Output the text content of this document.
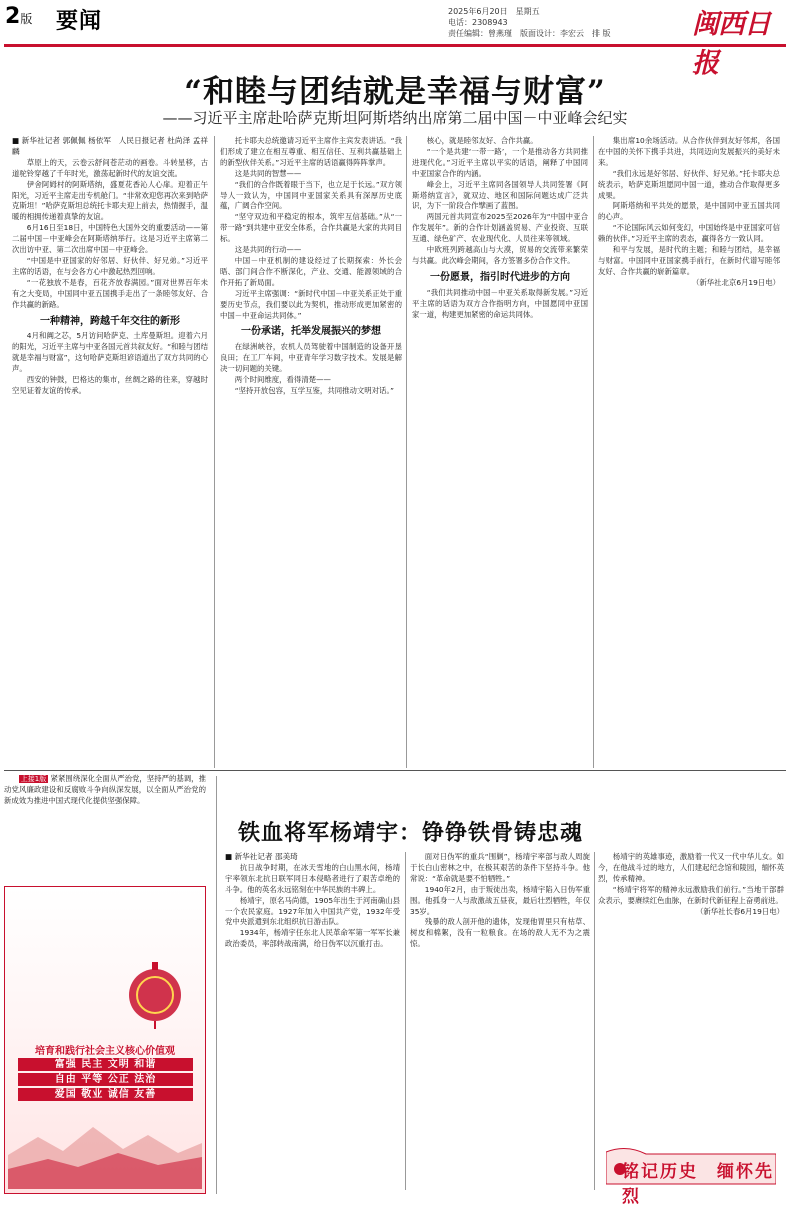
2版 要闻	2025年6月20日　星期五
电话：2308943
责任编辑：曾燕瑾　版面设计：李宏云　排 版	闽西日报
“和睦与团结就是幸福与财富”
——习近平主席赴哈萨克斯坦阿斯塔纳出席第二届中国－中亚峰会纪实

■ 新华社记者 郭佩佩 杨依军　人民日报记者 杜尚泽 孟祥麟

草原上的天，云卷云舒间苍茫动的画卷。斗转星移，古道驼铃穿越了千年时光，激荡起新时代的友谊交流。

伊舍阿姆村的阿斯塔纳，盛夏花香沁人心扉。迎着正午阳光，习近平主席走出专机舱门。“非常欢迎您再次来到哈萨克斯坦！”哈萨克斯坦总统托卡耶夫迎上前去，热情握手，温暖的相拥传递着真挚的友谊。

6月16日至18日，中国特色大国外交的重要活动——第二届中国－中亚峰会在阿斯塔纳举行。这是习近平主席第二次出访中亚、第二次出席中国－中亚峰会。

“中国是中亚国家的好邻居、好伙伴、好兄弟。”习近平主席的话语，在与会各方心中激起热烈回响。

“一花独放不是春，百花齐放春满园。”面对世界百年未有之大变局，中国同中亚五国携手走出了一条睦邻友好、合作共赢的新路。

一种精神，跨越千年交往的新形

4月和阗之芯，5月访问哈萨克、土库曼斯坦。迎着六月的阳光，习近平主席与中亚各国元首共叙友好。“和睦与团结就是幸福与财富”，这句哈萨克斯坦谚语道出了双方共同的心声。

西安的钟鼓，巴格达的集市，丝绸之路的往来，穿越时空见证着友谊的传承。

托卡耶夫总统邀请习近平主席作主宾发表讲话。“我们形成了建立在相互尊重、相互信任、互利共赢基础上的新型伙伴关系。”习近平主席的话语赢得阵阵掌声。

这是共同的智慧——

“我们的合作既着眼于当下，也立足于长远。”双方领导人一致认为，中国同中亚国家关系具有深厚历史底蕴，广阔合作空间。

“坚守双边和平稳定的根本，筑牢互信基础。”从“一带一路”到共建中亚安全体系，合作共赢是大家的共同目标。

这是共同的行动——

中国－中亚机制的建设经过了长期探索：外长会晤、部门间合作不断深化，产业、交通、能源领域的合作开拓了新局面。

习近平主席强调：“新时代中国－中亚关系正处于重要历史节点，我们要以此为契机，推动形成更加紧密的中国－中亚命运共同体。”

一份承诺，托举发展振兴的梦想

在绿洲峡谷，农机人员驾驶着中国制造的设备开垦良田；在工厂车间，中亚青年学习数字技术。发展是解决一切问题的关键。

两个时间维度，看得清楚——

“坚持开放包容，互学互鉴，共同推动文明对话。”

核心，就是睦邻友好、合作共赢。

“一个是共建‘一带一路’，一个是推动各方共同推进现代化。”习近平主席以平实的话语，阐释了中国同中亚国家合作的内涵。

峰会上，习近平主席同各国领导人共同签署《阿斯塔纳宣言》，就双边、地区和国际问题达成广泛共识，为下一阶段合作擘画了蓝图。

两国元首共同宣布2025至2026年为“中国中亚合作发展年”。新的合作计划涵盖贸易、产业投资、互联互通、绿色矿产、农业现代化、人员往来等领域。

中欧班列跨越高山与大漠，贸易的交流带来繁荣与共赢。此次峰会期间，各方签署多份合作文件。

一份愿景，指引时代进步的方向

“我们共同推动中国－中亚关系取得新发展。”习近平主席的话语为双方合作指明方向，中国愿同中亚国家一道，构建更加紧密的命运共同体。

集出席10余场活动。从合作伙伴到友好邻邦，各国在中国的关怀下携手共进，共同迈向发展振兴的美好未来。

“我们永远是好邻居、好伙伴、好兄弟。”托卡耶夫总统表示，哈萨克斯坦愿同中国一道，推动合作取得更多成果。

阿斯塔纳和平共处的愿景，是中国同中亚五国共同的心声。

“不论国际风云如何变幻，中国始终是中亚国家可信赖的伙伴。”习近平主席的表态，赢得各方一致认同。

和平与发展，是时代的主题；和睦与团结，是幸福与财富。中国同中亚国家携手前行，在新时代谱写睦邻友好、合作共赢的崭新篇章。

（新华社北京6月19日电）

上接1版 紧紧围绕深化全面从严治党，坚持严的基调，推动党风廉政建设和反腐败斗争向纵深发展，以全面从严治党的新成效为推进中国式现代化提供坚强保障。

培育和践行社会主义核心价值观
富强 民主 文明 和谐
自由 平等 公正 法治
爱国 敬业 诚信 友善
铁血将军杨靖宇：铮铮铁骨铸忠魂

■ 新华社记者 邵美琦

抗日战争时期，在冰天雪地的白山黑水间，杨靖宇率领东北抗日联军同日本侵略者进行了艰苦卓绝的斗争。他的英名永远铭刻在中华民族的丰碑上。

杨靖宇，原名马尚德，1905年出生于河南确山县一个农民家庭。1927年加入中国共产党，1932年受党中央派遣到东北组织抗日游击队。

1934年，杨靖宇任东北人民革命军第一军军长兼政治委员，率部转战南满，给日伪军以沉重打击。

面对日伪军的重兵“围剿”，杨靖宇率部与敌人周旋于长白山密林之中，在极其艰苦的条件下坚持斗争。他常说：“革命就是要不怕牺牲。”

1940年2月，由于叛徒出卖，杨靖宇陷入日伪军重围。他孤身一人与敌激战五昼夜，最后壮烈牺牲，年仅35岁。

残暴的敌人剖开他的遗体，发现他胃里只有枯草、树皮和棉絮，没有一粒粮食。在场的敌人无不为之震惊。

杨靖宇的英雄事迹，激励着一代又一代中华儿女。如今，在他战斗过的地方，人们建起纪念馆和陵园，缅怀英烈，传承精神。

“杨靖宇将军的精神永远激励我们前行。”当地干部群众表示，要赓续红色血脉，在新时代新征程上奋勇前进。

（新华社长春6月19日电）

铭记历史　缅怀先烈
